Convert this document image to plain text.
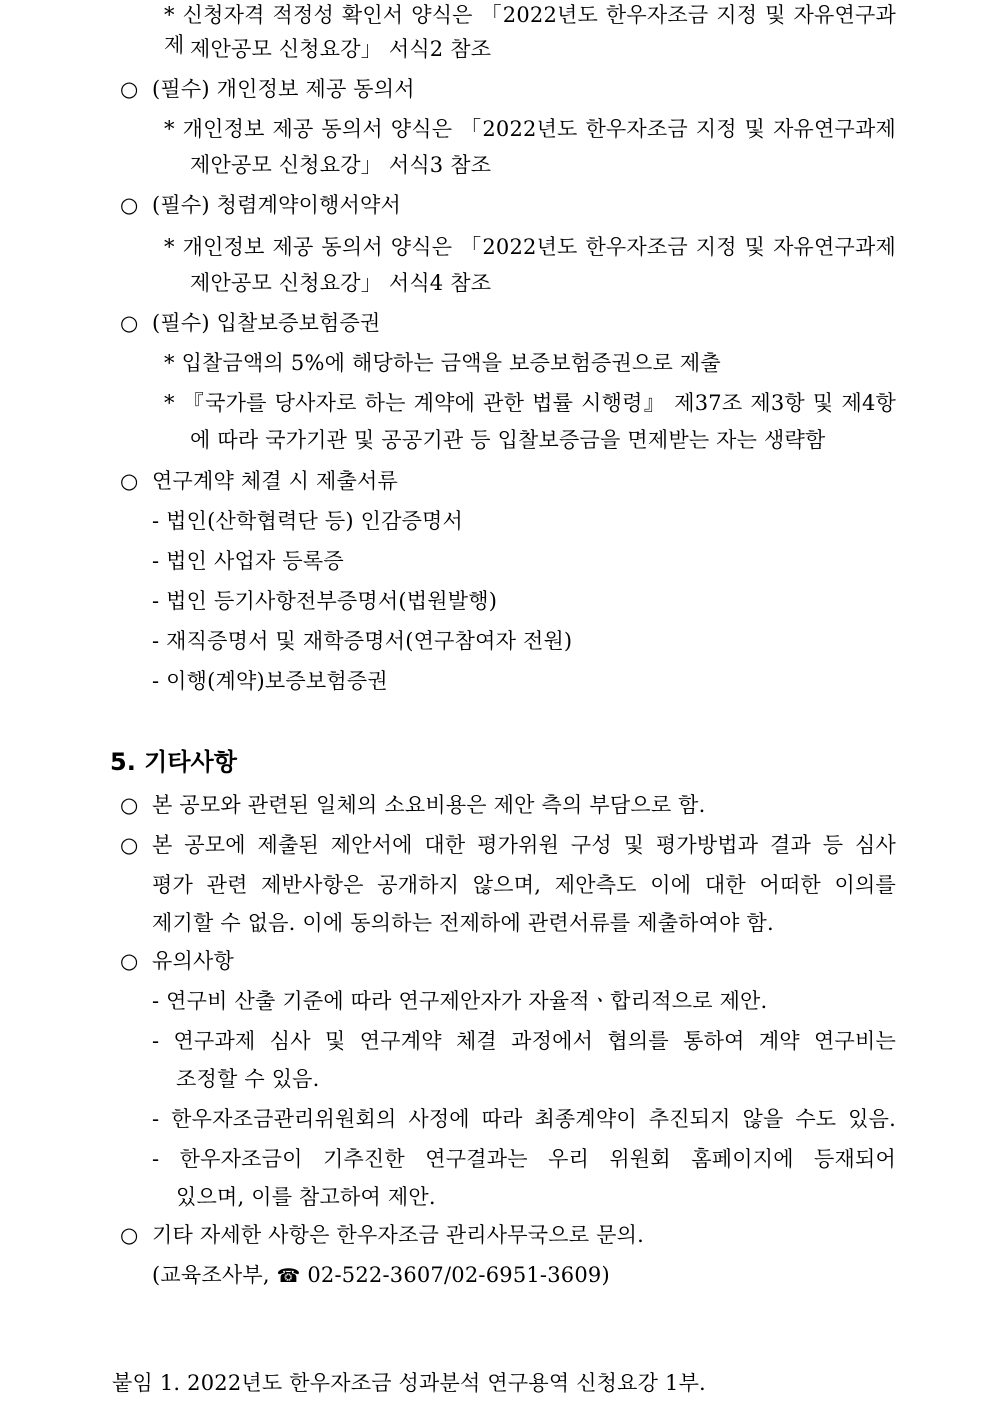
* 신청자격 적정성 확인서 양식은 「2022년도 한우자조금 지정 및 자유연구과제 제안공모 신청요강」 서식2 참조
○ (필수) 개인정보 제공 동의서
* 개인정보 제공 동의서 양식은 「2022년도 한우자조금 지정 및 자유연구과제
제안공모 신청요강」 서식3 참조
○ (필수) 청렴계약이행서약서
* 개인정보 제공 동의서 양식은 「2022년도 한우자조금 지정 및 자유연구과제
제안공모 신청요강」 서식4 참조
○ (필수) 입찰보증보험증권
* 입찰금액의 5%에 해당하는 금액을 보증보험증권으로 제출
* 『국가를 당사자로 하는 계약에 관한 법률 시행령』 제37조 제3항 및 제4항
에 따라 국가기관 및 공공기관 등 입찰보증금을 면제받는 자는 생략함
○ 연구계약 체결 시 제출서류
- 법인(산학협력단 등) 인감증명서
- 법인 사업자 등록증
- 법인 등기사항전부증명서(법원발행)
- 재직증명서 및 재학증명서(연구참여자 전원)
- 이행(계약)보증보험증권
5. 기타사항
○ 본 공모와 관련된 일체의 소요비용은 제안 측의 부담으로 함.
○ 본 공모에 제출된 제안서에 대한 평가위원 구성 및 평가방법과 결과 등 심사
평가 관련 제반사항은 공개하지 않으며, 제안측도 이에 대한 어떠한 이의를
제기할 수 없음. 이에 동의하는 전제하에 관련서류를 제출하여야 함.
○ 유의사항
- 연구비 산출 기준에 따라 연구제안자가 자율적ㆍ합리적으로 제안.
- 연구과제 심사 및 연구계약 체결 과정에서 협의를 통하여 계약 연구비는
조정할 수 있음.
- 한우자조금관리위원회의 사정에 따라 최종계약이 추진되지 않을 수도 있음.
- 한우자조금이 기추진한 연구결과는 우리 위원회 홈페이지에 등재되어
있으며, 이를 참고하여 제안.
○ 기타 자세한 사항은 한우자조금 관리사무국으로 문의.
(교육조사부, ☎ 02-522-3607/02-6951-3609)
붙임 1. 2022년도 한우자조금 성과분석 연구용역 신청요강 1부.
